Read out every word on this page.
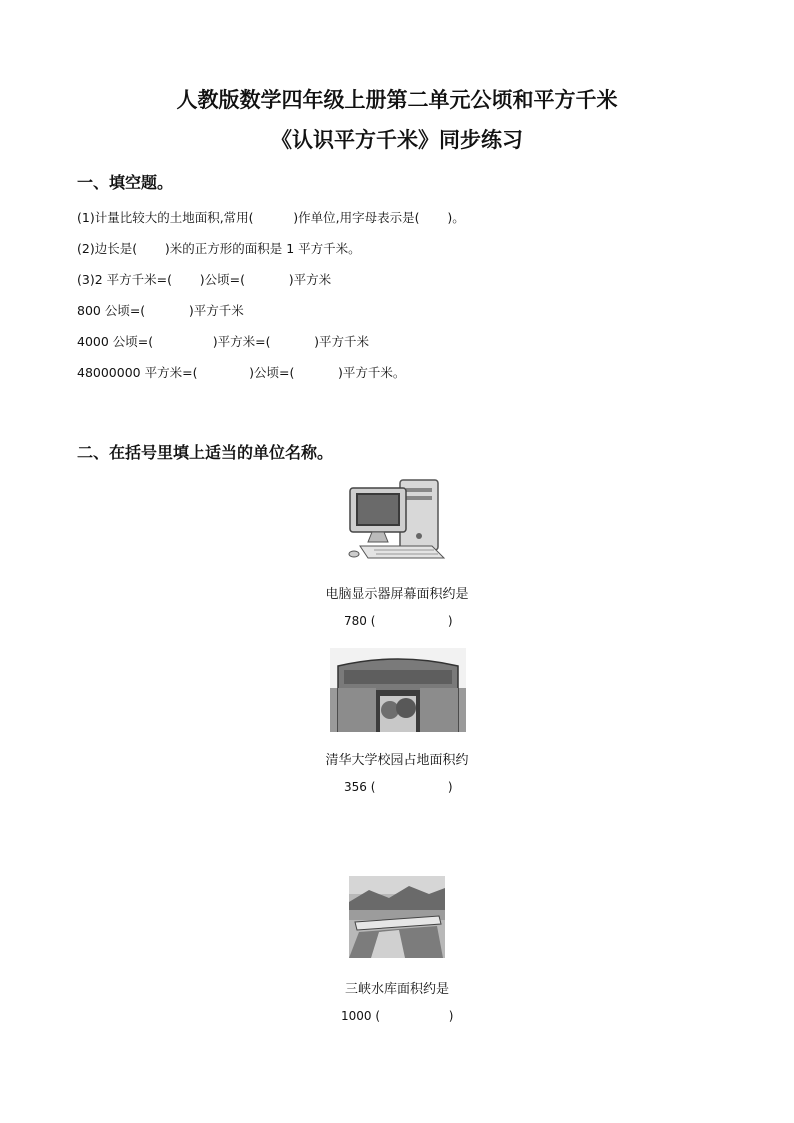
人教版数学四年级上册第二单元公顷和平方千米
《认识平方千米》同步练习
一、填空题。
(1)计量比较大的土地面积,常用(          )作单位,用字母表示是(       )。
(2)边长是(       )米的正方形的面积是 1 平方千米。
(3)2 平方千米=(       )公顷=(           )平方米
800 公顷=(           )平方千米
4000 公顷=(               )平方米=(           )平方千米
48000000 平方米=(             )公顷=(           )平方千米。
二、在括号里填上适当的单位名称。
电脑显示器屏幕面积约是
780 (                   )
清华大学校园占地面积约
356 (                   )
三峡水库面积约是
1000 (                  )
